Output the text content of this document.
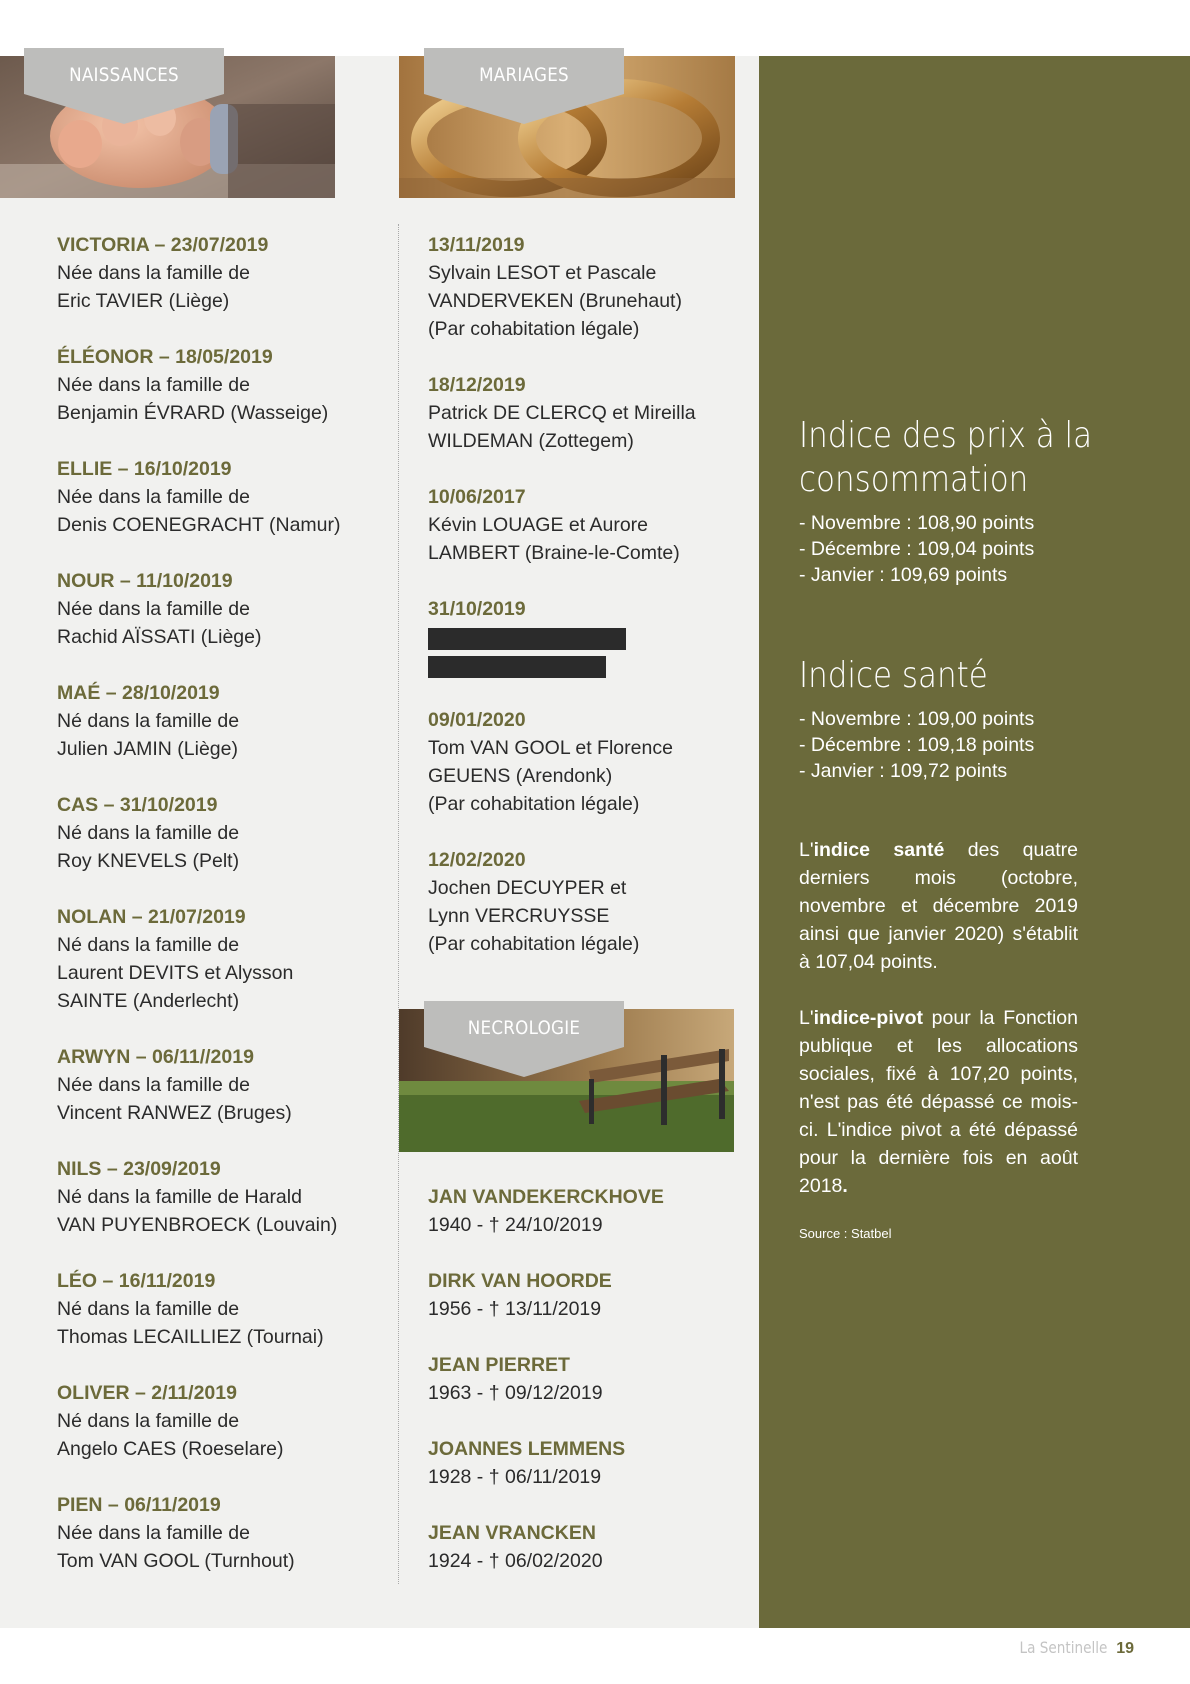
NAISSANCES	MARIAGES
NECROLOGIE
VICTORIA – 23/07/2019
Née dans la famille de
Eric TAVIER (Liège)
ÉLÉONOR – 18/05/2019
Née dans la famille de
Benjamin ÉVRARD (Wasseige)
ELLIE – 16/10/2019
Née dans la famille de
Denis COENEGRACHT (Namur)
NOUR – 11/10/2019
Née dans la famille de
Rachid AÏSSATI (Liège)
MAÉ – 28/10/2019
Né dans la famille de
Julien JAMIN (Liège)
CAS – 31/10/2019
Né dans la famille de
Roy KNEVELS (Pelt)
NOLAN – 21/07/2019
Né dans la famille de
Laurent DEVITS et Alysson
SAINTE (Anderlecht)
ARWYN – 06/11//2019
Née dans la famille de
Vincent RANWEZ (Bruges)
NILS – 23/09/2019
Né dans la famille de Harald
VAN PUYENBROECK (Louvain)
LÉO – 16/11/2019
Né dans la famille de
Thomas LECAILLIEZ (Tournai)
OLIVER – 2/11/2019
Né dans la famille de
Angelo CAES (Roeselare)
PIEN – 06/11/2019
Née dans la famille de
Tom VAN GOOL (Turnhout)
13/11/2019
Sylvain LESOT et Pascale
VANDERVEKEN (Brunehaut)
(Par cohabitation légale)
18/12/2019
Patrick DE CLERCQ et Mireilla
WILDEMAN (Zottegem)
10/06/2017
Kévin LOUAGE et Aurore
LAMBERT (Braine-le-Comte)
31/10/2019
09/01/2020
Tom VAN GOOL et Florence
GEUENS (Arendonk)
(Par cohabitation légale)
12/02/2020
Jochen DECUYPER et
Lynn VERCRUYSSE
(Par cohabitation légale)
JAN VANDEKERCKHOVE
1940 - † 24/10/2019
DIRK VAN HOORDE
1956 - † 13/11/2019
JEAN PIERRET
1963 - † 09/12/2019
JOANNES LEMMENS
1928 - † 06/11/2019
JEAN VRANCKEN
1924 - † 06/02/2020
Indice des prix à la
consommation
- Novembre : 108,90 points
- Décembre : 109,04 points
- Janvier : 109,69 points
Indice santé
- Novembre : 109,00 points
- Décembre : 109,18 points
- Janvier : 109,72 points

L'indice santé des quatre derniers mois (octobre, novembre et décembre 2019 ainsi que janvier 2020) s'établit à 107,04 points.

L'indice-pivot pour la Fonction publique et les allocations sociales, fixé à 107,20 points, n'est pas été dépassé ce mois-ci. L'indice pivot a été dépassé pour la dernière fois en août 2018.

Source : Statbel
La Sentinelle 19
